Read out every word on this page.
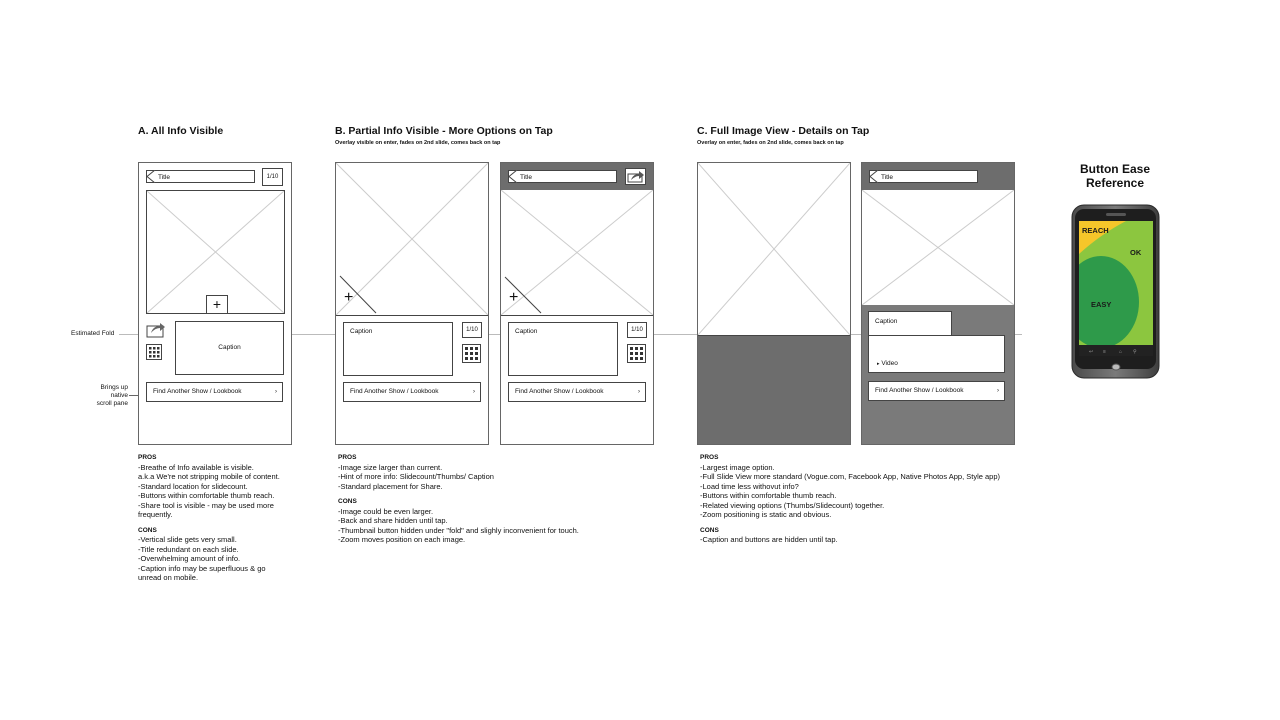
Estimated Fold
Brings up
native
scroll pane
A. All Info Visible
Title	1/10
+
Caption
Find Another Show / Lookbook	›

PROS

-Breathe of Info available is visible.

a.k.a We're not stripping mobile of content.

-Standard location for slidecount.

-Buttons within comfortable thumb reach.

-Share tool is visible - may be used more

frequently.

CONS

-Vertical slide gets very small.

-Title redundant on each slide.

-Overwhelming amount of info.

-Caption info may be superfluous & go

unread on mobile.

B. Partial Info Visible - More Options on Tap
Overlay visible on enter, fades on 2nd slide, comes back on tap
+
Caption	1/10
Find Another Show / Lookbook	›
Title
+
Caption	1/10
Find Another Show / Lookbook	›

PROS

-Image size larger than current.

-Hint of more info: Slidecount/Thumbs/ Caption

-Standard placement for Share.

CONS

-Image could be even larger.

-Back and share hidden until tap.

-Thumbnail button hidden under "fold" and slighly inconvenient for touch.

-Zoom moves position on each image.

C. Full Image View - Details on Tap
Overlay on enter, fades on 2nd slide, comes back on tap
Title
Caption
▸ Video
Find Another Show / Lookbook	›

PROS

-Largest image option.

-Full Slide View more standard (Vogue.com, Facebook App, Native Photos App, Style app)

-Load time less withovut info?

-Buttons within comfortable thumb reach.

-Related viewing options (Thumbs/Slidecount) together.

-Zoom positioning is static and obvious.

CONS

-Caption and buttons are hidden until tap.

Button Ease
Reference
↩ ≡	⌂ ⚲
REACH
OK
EASY
